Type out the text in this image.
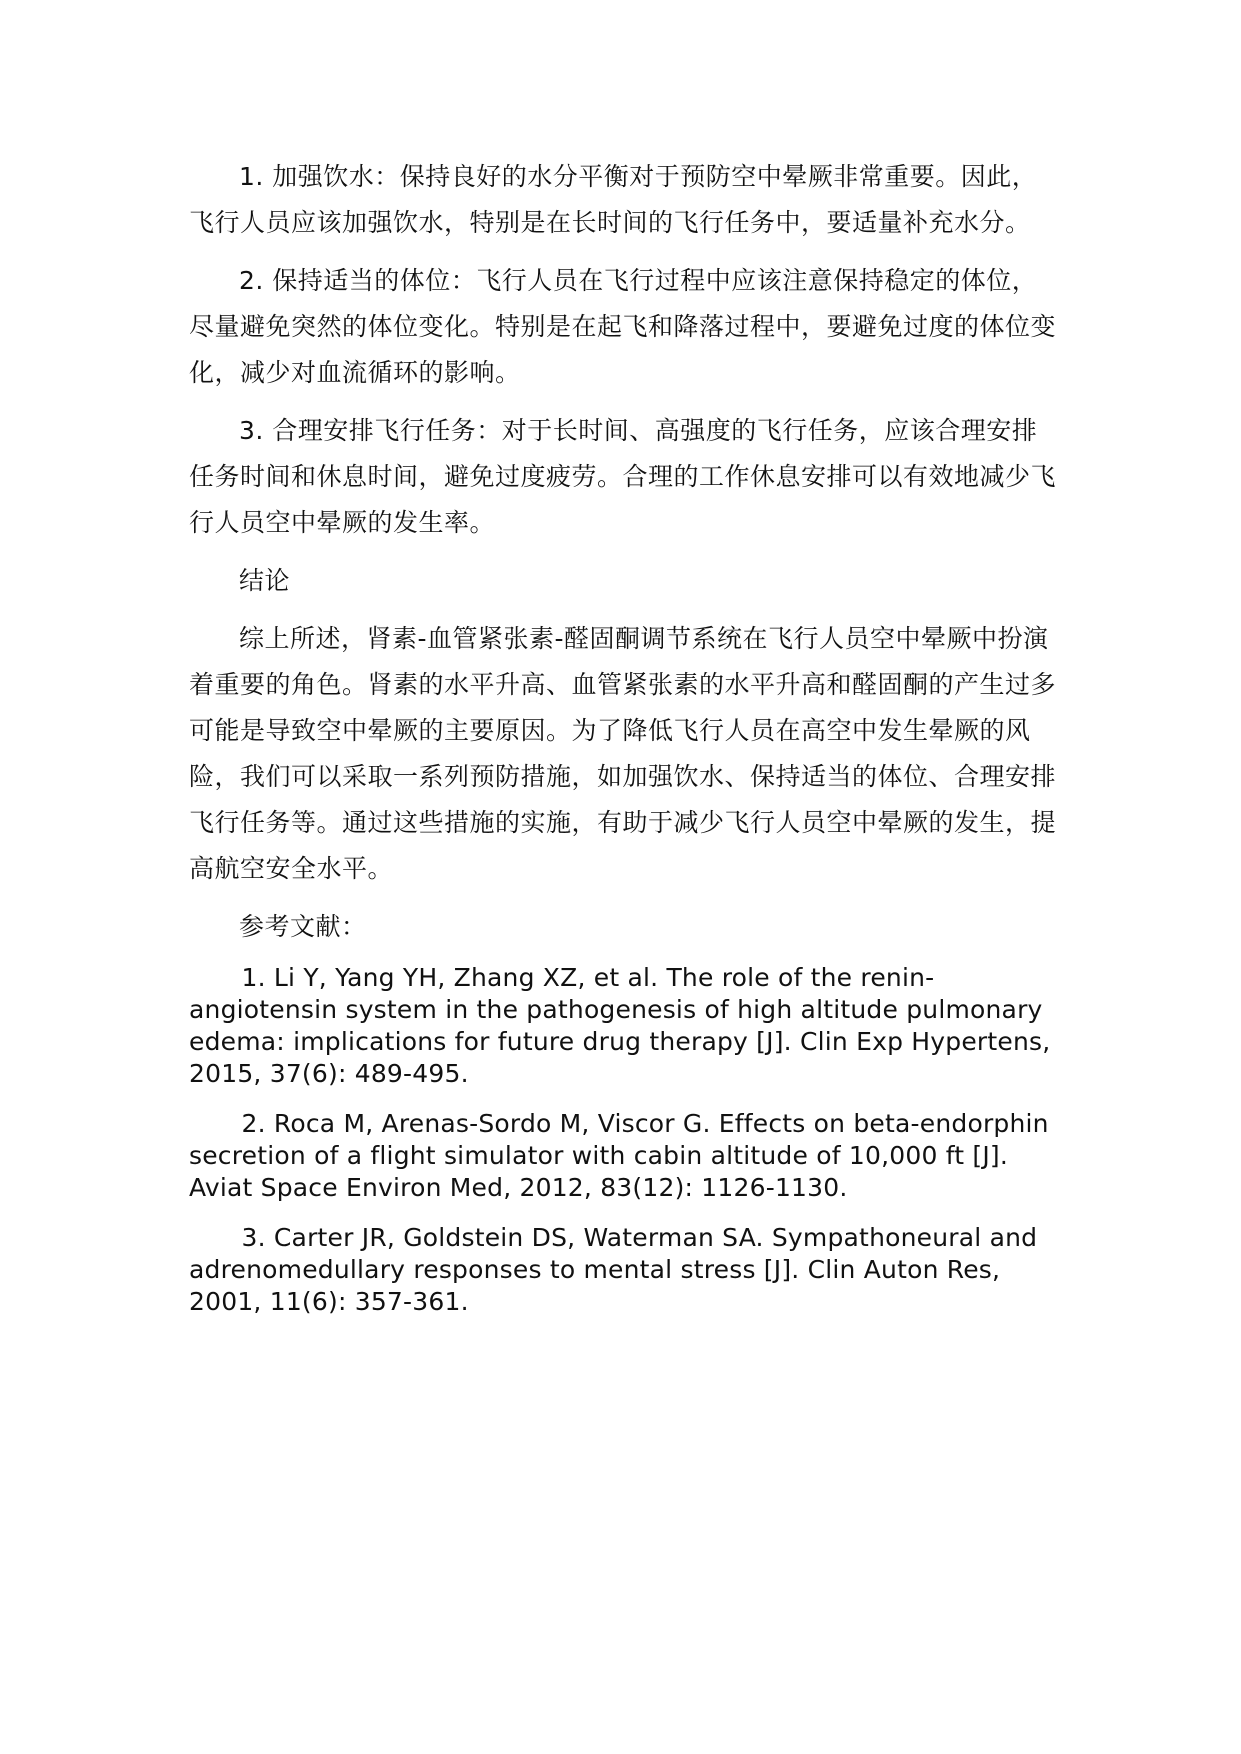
1. 加强饮水：保持良好的水分平衡对于预防空中晕厥非常重要。因此，飞行人员应该加强饮水，特别是在长时间的飞行任务中，要适量补充水分。

2. 保持适当的体位：飞行人员在飞行过程中应该注意保持稳定的体位，尽量避免突然的体位变化。特别是在起飞和降落过程中，要避免过度的体位变化，减少对血流循环的影响。

3. 合理安排飞行任务：对于长时间、高强度的飞行任务，应该合理安排任务时间和休息时间，避免过度疲劳。合理的工作休息安排可以有效地减少飞行人员空中晕厥的发生率。

结论

综上所述，肾素-血管紧张素-醛固酮调节系统在飞行人员空中晕厥中扮演着重要的角色。肾素的水平升高、血管紧张素的水平升高和醛固酮的产生过多可能是导致空中晕厥的主要原因。为了降低飞行人员在高空中发生晕厥的风险，我们可以采取一系列预防措施，如加强饮水、保持适当的体位、合理安排飞行任务等。通过这些措施的实施，有助于减少飞行人员空中晕厥的发生，提高航空安全水平。

参考文献：

1. Li Y, Yang YH, Zhang XZ, et al. The role of the renin-angiotensin system in the pathogenesis of high altitude pulmonary edema: implications for future drug therapy [J]. Clin Exp Hypertens, 2015, 37(6): 489-495.

2. Roca M, Arenas-Sordo M, Viscor G. Effects on beta-endorphin secretion of a flight simulator with cabin altitude of 10,000 ft [J]. Aviat Space Environ Med, 2012, 83(12): 1126-1130.

3. Carter JR, Goldstein DS, Waterman SA. Sympathoneural and adrenomedullary responses to mental stress [J]. Clin Auton Res, 2001, 11(6): 357-361.
